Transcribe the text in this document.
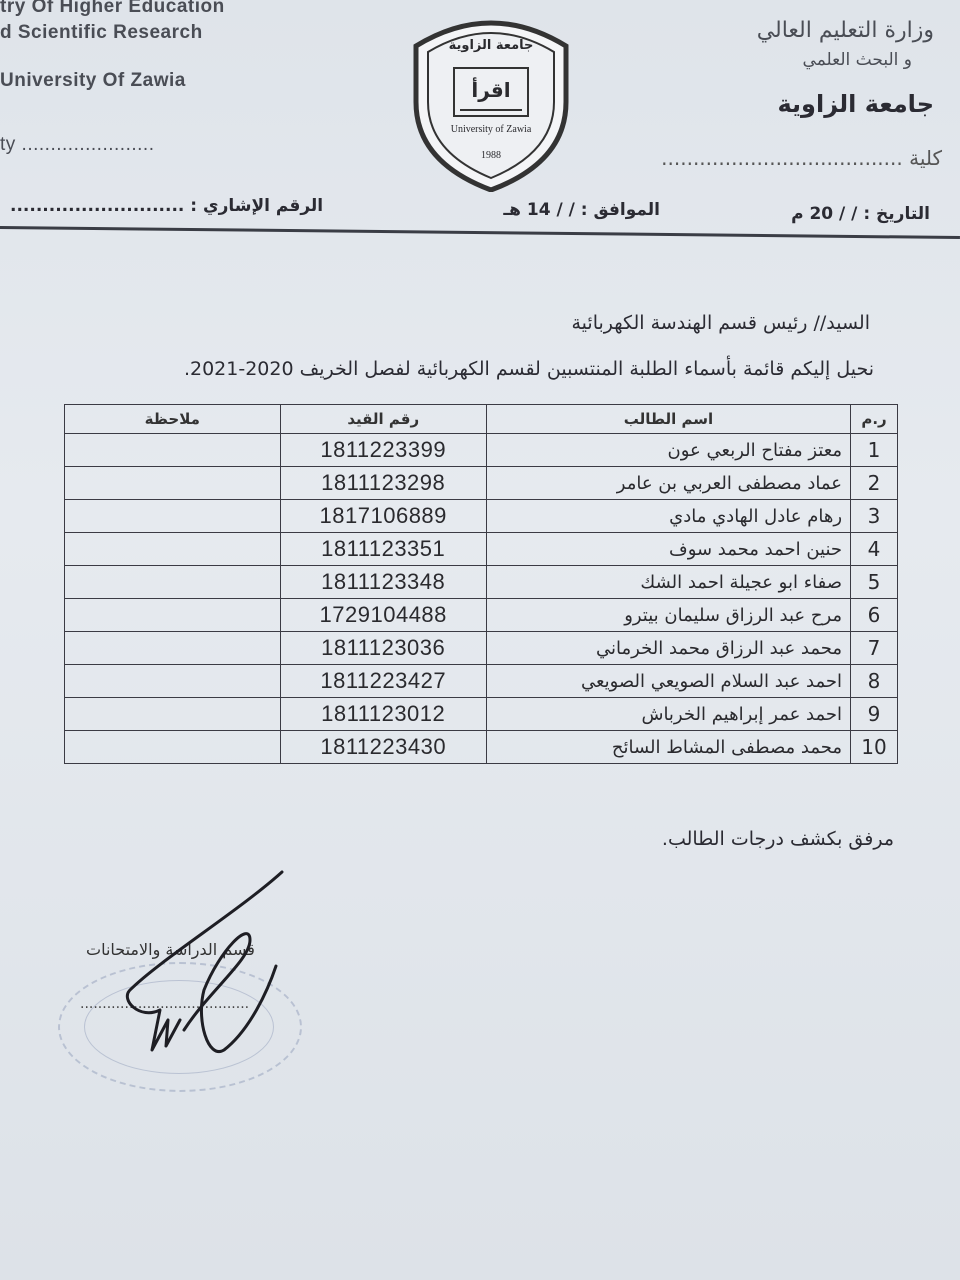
try Of Higher Education
d Scientific Research
University Of Zawia
ty .......................
وزارة التعليم العالي
و البحث العلمي
جامعة الزاوية
كلية ......................................
جامعة الزاوية
اقرأ
University of Zawia
1988
التاريخ : / / 20 م
الموافق : / / 14 هـ
الرقم الإشاري : ...........................
السيد// رئيس قسم الهندسة الكهربائية
نحيل إليكم قائمة بأسماء الطلبة المنتسبين لقسم الكهربائية لفصل الخريف 2020-2021.
ر.م	اسم الطالب	رقم القيد	ملاحظة
1	معتز مفتاح الربعي عون	1811223399	
2	عماد مصطفى العربي بن عامر	1811123298	
3	رهام عادل الهادي مادي	1817106889	
4	حنين احمد محمد سوف	1811123351	
5	صفاء ابو عجيلة احمد الشك	1811123348	
6	مرح عبد الرزاق سليمان بيترو	1729104488	
7	محمد عبد الرزاق محمد الخرماني	1811123036	
8	احمد عبد السلام الصويعي الصويعي	1811223427	
9	احمد عمر إبراهيم الخرباش	1811123012	
10	محمد مصطفى المشاط السائح	1811223430	
مرفق بكشف درجات الطالب.
قسم الدراسة والامتحانات
......................................
